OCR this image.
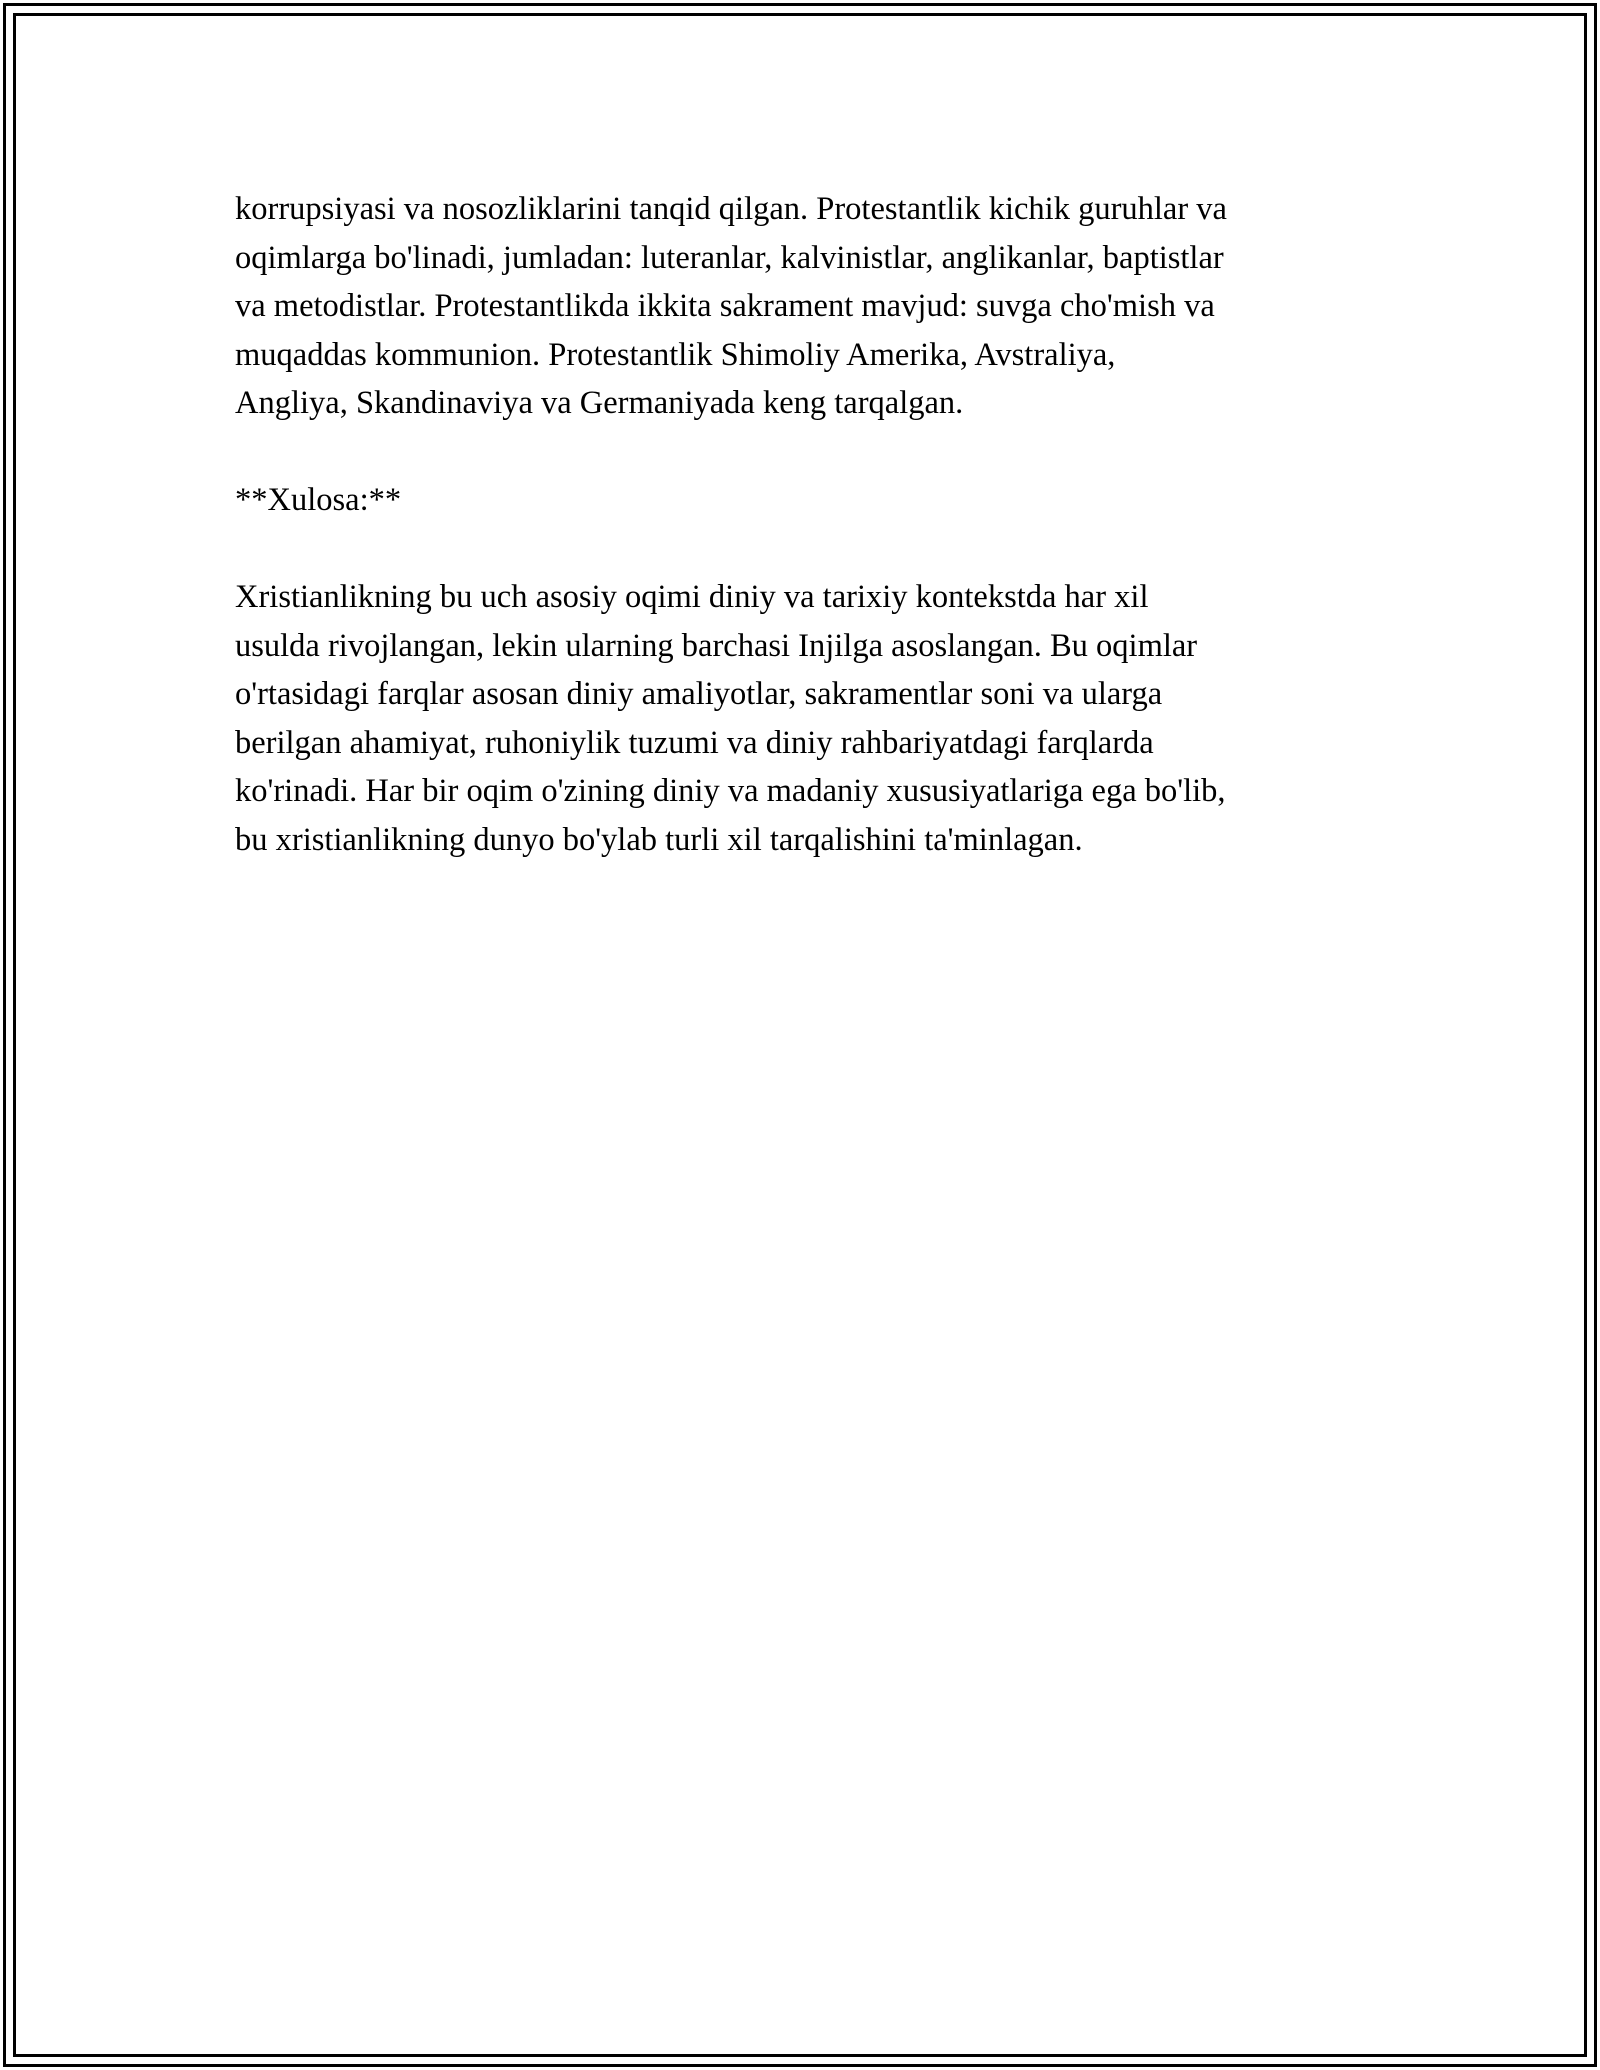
korrupsiyasi va nosozliklarini tanqid qilgan. Protestantlik kichik guruhlar va
oqimlarga bo'linadi, jumladan: luteranlar, kalvinistlar, anglikanlar, baptistlar
va metodistlar. Protestantlikda ikkita sakrament mavjud: suvga cho'mish va
muqaddas kommunion. Protestantlik Shimoliy Amerika, Avstraliya,
Angliya, Skandinaviya va Germaniyada keng tarqalgan.

**Xulosa:**

Xristianlikning bu uch asosiy oqimi diniy va tarixiy kontekstda har xil
usulda rivojlangan, lekin ularning barchasi Injilga asoslangan. Bu oqimlar
o'rtasidagi farqlar asosan diniy amaliyotlar, sakramentlar soni va ularga
berilgan ahamiyat, ruhoniylik tuzumi va diniy rahbariyatdagi farqlarda
ko'rinadi. Har bir oqim o'zining diniy va madaniy xususiyatlariga ega bo'lib,
bu xristianlikning dunyo bo'ylab turli xil tarqalishini ta'minlagan.
